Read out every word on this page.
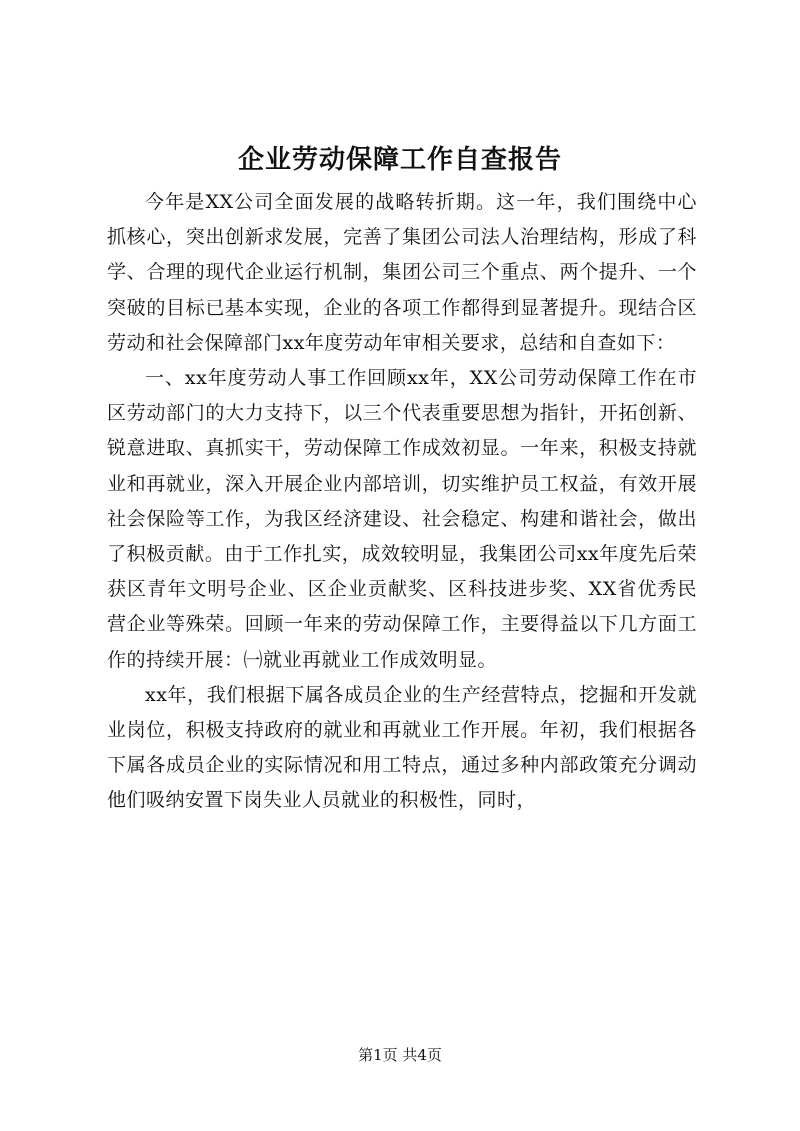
企业劳动保障工作自查报告

今年是XX公司全面发展的战略转折期。这一年，我们围绕中心抓核心，突出创新求发展，完善了集团公司法人治理结构，形成了科学、合理的现代企业运行机制，集团公司三个重点、两个提升、一个突破的目标已基本实现，企业的各项工作都得到显著提升。现结合区劳动和社会保障部门xx年度劳动年审相关要求，总结和自查如下：

一、xx年度劳动人事工作回顾xx年，XX公司劳动保障工作在市区劳动部门的大力支持下，以三个代表重要思想为指针，开拓创新、锐意进取、真抓实干，劳动保障工作成效初显。一年来，积极支持就业和再就业，深入开展企业内部培训，切实维护员工权益，有效开展社会保险等工作，为我区经济建设、社会稳定、构建和谐社会，做出了积极贡献。由于工作扎实，成效较明显，我集团公司xx年度先后荣获区青年文明号企业、区企业贡献奖、区科技进步奖、XX省优秀民营企业等殊荣。回顾一年来的劳动保障工作，主要得益以下几方面工作的持续开展：㈠就业再就业工作成效明显。

xx年，我们根据下属各成员企业的生产经营特点，挖掘和开发就业岗位，积极支持政府的就业和再就业工作开展。年初，我们根据各下属各成员企业的实际情况和用工特点，通过多种内部政策充分调动他们吸纳安置下岗失业人员就业的积极性，同时，

第1页 共4页
